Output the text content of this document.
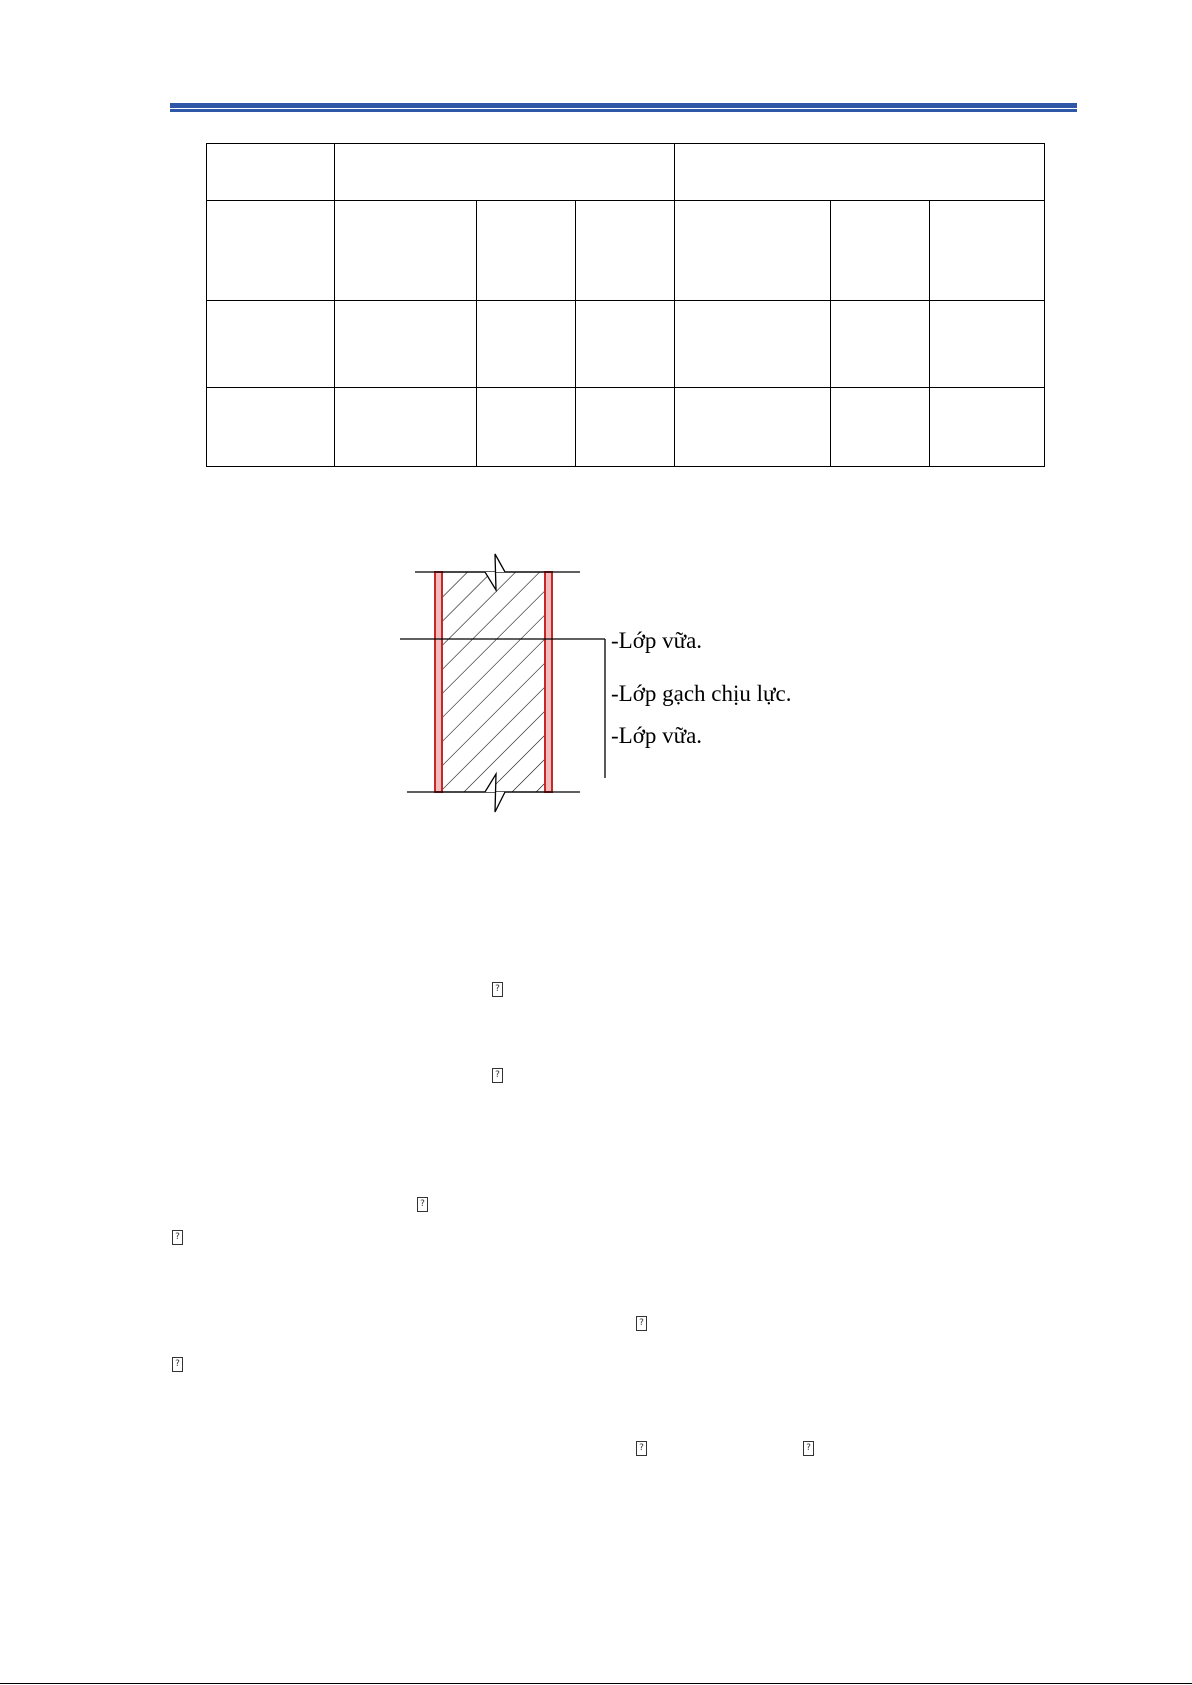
-Lớp vữa.
-Lớp gạch chịu lực.
-Lớp vữa.
?
?
?
?
?
?
?	?
